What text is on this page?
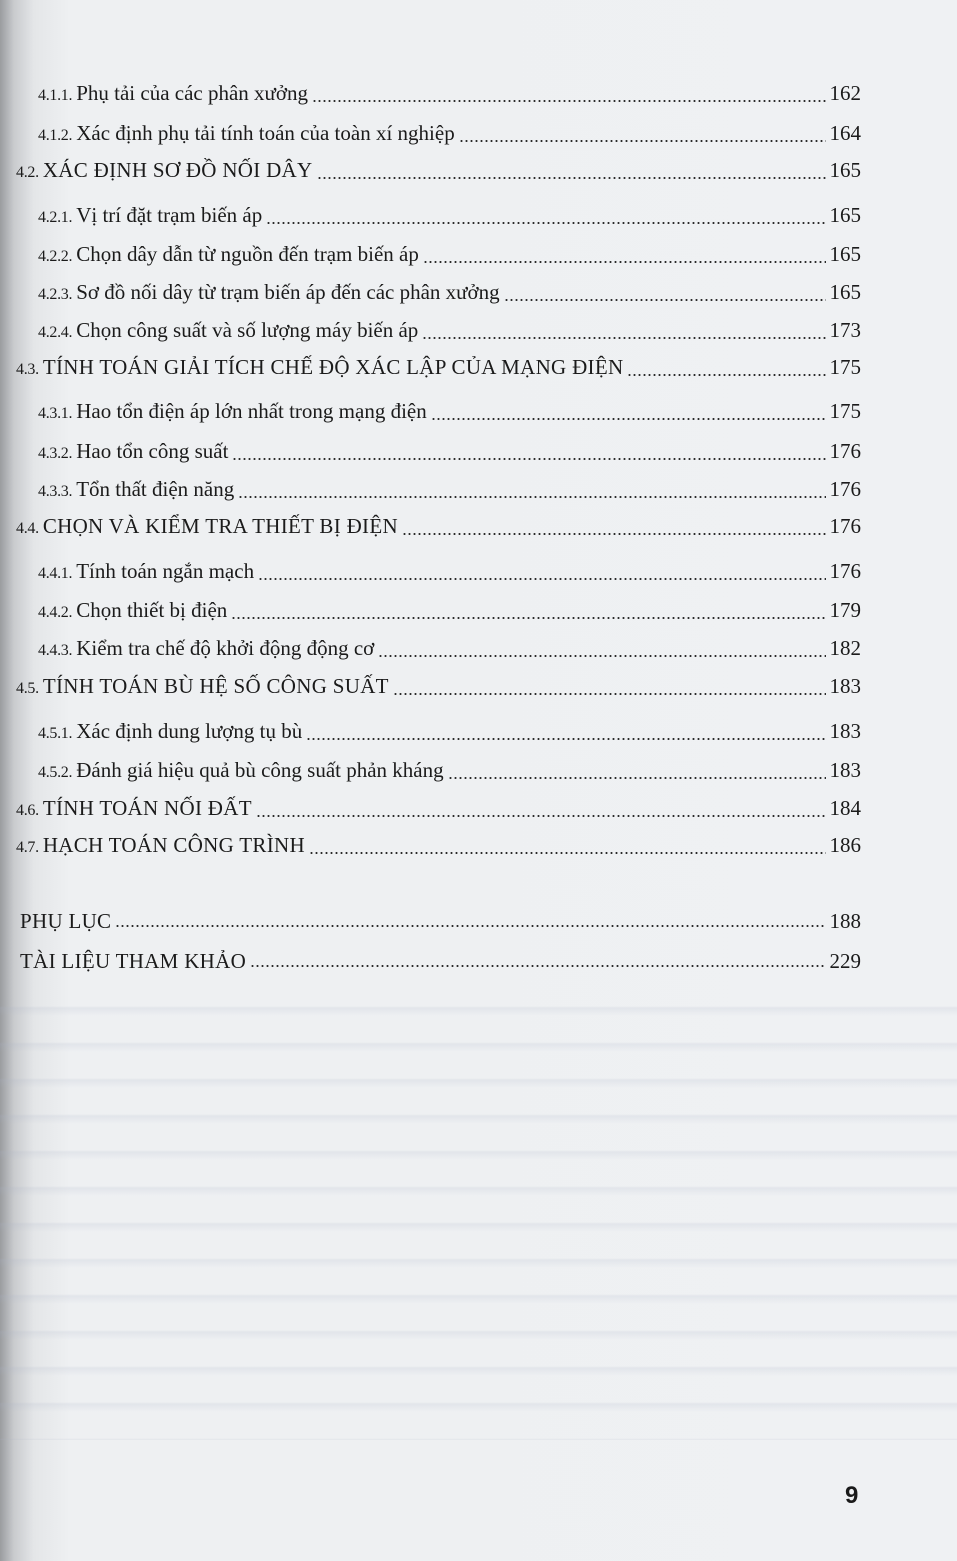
4.1.1. Phụ tải của các phân xưởng	162
4.1.2. Xác định phụ tải tính toán của toàn xí nghiệp	164
4.2. XÁC ĐỊNH SƠ ĐỒ NỐI DÂY	165
4.2.1. Vị trí đặt trạm biến áp	165
4.2.2. Chọn dây dẫn từ nguồn đến trạm biến áp	165
4.2.3. Sơ đồ nối dây từ trạm biến áp đến các phân xưởng	165
4.2.4. Chọn công suất và số lượng máy biến áp	173
4.3. TÍNH TOÁN GIẢI TÍCH CHẾ ĐỘ XÁC LẬP CỦA MẠNG ĐIỆN	175
4.3.1. Hao tổn điện áp lớn nhất trong mạng điện	175
4.3.2. Hao tổn công suất	176
4.3.3. Tổn thất điện năng	176
4.4. CHỌN VÀ KIỂM TRA THIẾT BỊ ĐIỆN	176
4.4.1. Tính toán ngắn mạch	176
4.4.2. Chọn thiết bị điện	179
4.4.3. Kiểm tra chế độ khởi động động cơ	182
4.5. TÍNH TOÁN BÙ HỆ SỐ CÔNG SUẤT	183
4.5.1. Xác định dung lượng tụ bù	183
4.5.2. Đánh giá hiệu quả bù công suất phản kháng	183
4.6. TÍNH TOÁN NỐI ĐẤT	184
4.7. HẠCH TOÁN CÔNG TRÌNH	186
PHỤ LỤC	188
TÀI LIỆU THAM KHẢO	229
9
